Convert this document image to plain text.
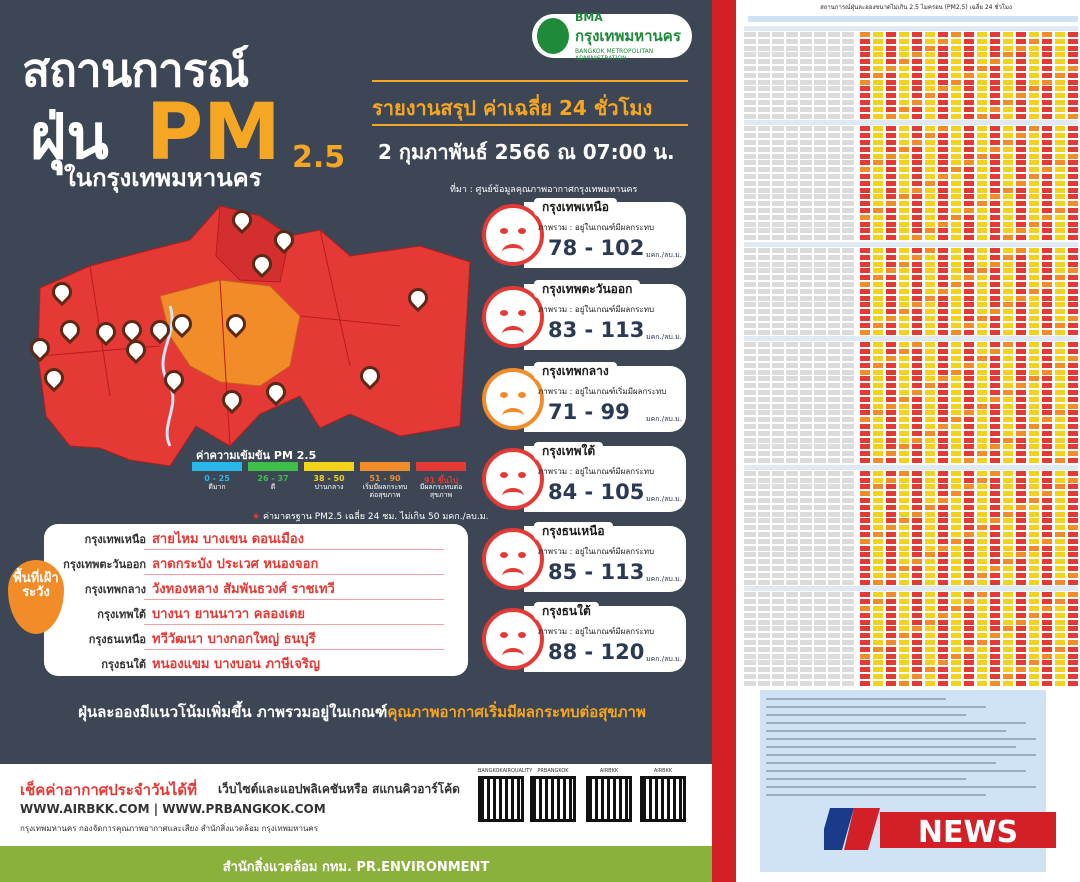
BMA
กรุงเทพมหานคร
BANGKOK METROPOLITAN ADMINISTRATION
สถานการณ์
ฝุ่น PM 2.5
ในกรุงเทพมหานคร
รายงานสรุป ค่าเฉลี่ย 24 ชั่วโมง
2 กุมภาพันธ์ 2566 ณ 07:00 น.
ที่มา : ศูนย์ข้อมูลคุณภาพอากาศกรุงเทพมหานคร
ค่าความเข้มข้น PM 2.5
0 - 25	26 - 37	38 - 50	51 - 90	91 ขึ้นไป
ดีมาก	ดี	ปานกลาง	เริ่มมีผลกระทบต่อสุขภาพ
มีผลกระทบต่อสุขภาพ
★ ค่ามาตรฐาน PM2.5 เฉลี่ย 24 ชม. ไม่เกิน 50 มคก./ลบ.ม.
กรุงเทพเหนือ
ภาพรวม : อยู่ในเกณฑ์มีผลกระทบ
78 - 102 มคก./ลบ.ม.
กรุงเทพตะวันออก
ภาพรวม : อยู่ในเกณฑ์มีผลกระทบ
83 - 113 มคก./ลบ.ม.
กรุงเทพกลาง
ภาพรวม : อยู่ในเกณฑ์เริ่มมีผลกระทบ
71 - 99 มคก./ลบ.ม.
กรุงเทพใต้
ภาพรวม : อยู่ในเกณฑ์มีผลกระทบ
84 - 105 มคก./ลบ.ม.
กรุงธนเหนือ
ภาพรวม : อยู่ในเกณฑ์มีผลกระทบ
85 - 113 มคก./ลบ.ม.
กรุงธนใต้
ภาพรวม : อยู่ในเกณฑ์มีผลกระทบ
88 - 120 มคก./ลบ.ม.
กรุงเทพเหนือ สายไหม บางเขน ดอนเมือง
กรุงเทพตะวันออก ลาดกระบัง ประเวศ หนองจอก
กรุงเทพกลาง วังทองหลาง สัมพันธวงศ์ ราชเทวี
กรุงเทพใต้ บางนา ยานนาวา คลองเตย
กรุงธนเหนือ ทวีวัฒนา บางกอกใหญ่ ธนบุรี
กรุงธนใต้ หนองแขม บางบอน ภาษีเจริญ
พื้นที่เฝ้าระวัง
ฝุ่นละอองมีแนวโน้มเพิ่มขึ้น ภาพรวมอยู่ในเกณฑ์คุณภาพอากาศเริ่มมีผลกระทบต่อสุขภาพ
เช็คค่าอากาศประจำวันได้ที่ เว็บไซต์และแอปพลิเคชันหรือ สแกนคิวอาร์โค้ด
WWW.AIRBKK.COM | WWW.PRBANGKOK.COM
กรุงเทพมหานคร กองจัดการคุณภาพอากาศและเสียง สำนักสิ่งแวดล้อม กรุงเทพมหานคร
BANGKOKAIRQUALITY	PRBANGKOK	AIRBKK	AIRBKK
สำนักสิ่งแวดล้อม กทม. PR.ENVIRONMENT
สถานการณ์ฝุ่นละอองขนาดไม่เกิน 2.5 ไมครอน (PM2.5) เฉลี่ย 24 ชั่วโมง
NEWS
